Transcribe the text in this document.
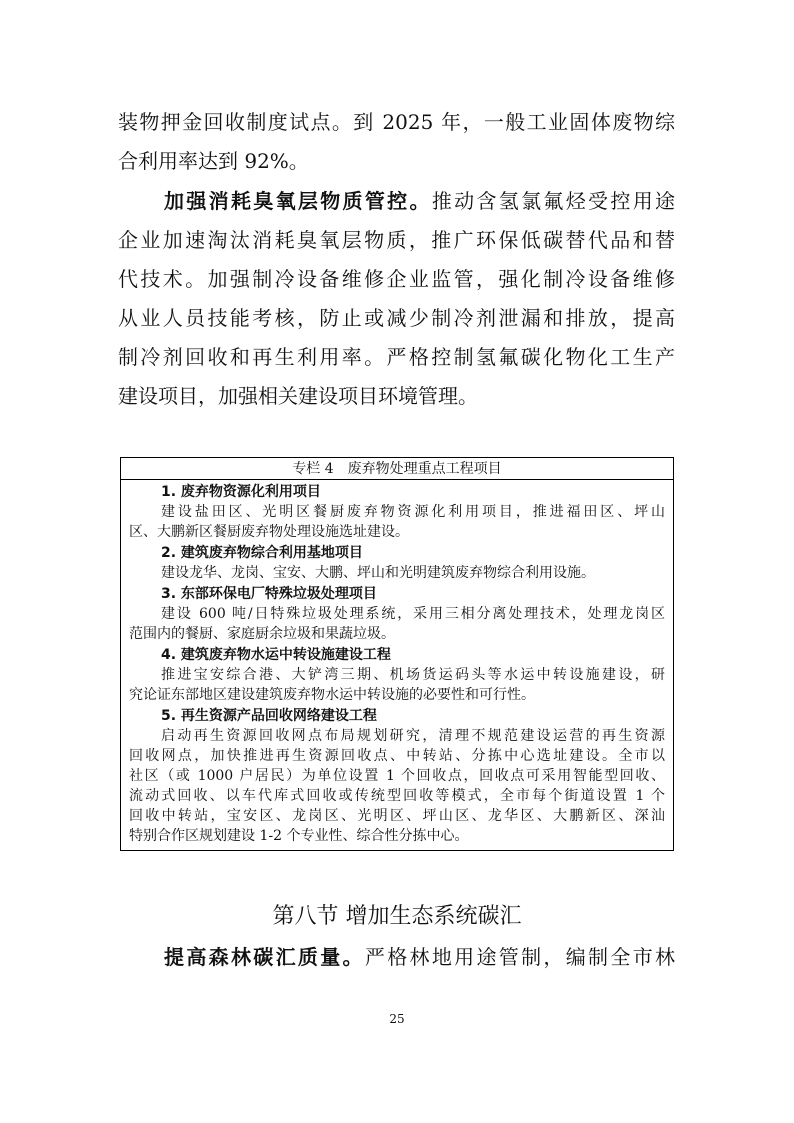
装物押金回收制度试点。到 2025 年，一般工业固体废物综
合利用率达到 92%。
加强消耗臭氧层物质管控。推动含氢氯氟烃受控用途
企业加速淘汰消耗臭氧层物质，推广环保低碳替代品和替
代技术。加强制冷设备维修企业监管，强化制冷设备维修
从业人员技能考核，防止或减少制冷剂泄漏和排放，提高
制冷剂回收和再生利用率。严格控制氢氟碳化物化工生产
建设项目，加强相关建设项目环境管理。
专栏 4　废弃物处理重点工程项目
1. 废弃物资源化利用项目
建设盐田区、光明区餐厨废弃物资源化利用项目，推进福田区、坪山
区、大鹏新区餐厨废弃物处理设施选址建设。
2. 建筑废弃物综合利用基地项目
建设龙华、龙岗、宝安、大鹏、坪山和光明建筑废弃物综合利用设施。
3. 东部环保电厂特殊垃圾处理项目
建设 600 吨/日特殊垃圾处理系统，采用三相分离处理技术，处理龙岗区
范围内的餐厨、家庭厨余垃圾和果蔬垃圾。
4. 建筑废弃物水运中转设施建设工程
推进宝安综合港、大铲湾三期、机场货运码头等水运中转设施建设，研
究论证东部地区建设建筑废弃物水运中转设施的必要性和可行性。
5. 再生资源产品回收网络建设工程
启动再生资源回收网点布局规划研究，清理不规范建设运营的再生资源
回收网点，加快推进再生资源回收点、中转站、分拣中心选址建设。全市以
社区（或 1000 户居民）为单位设置 1 个回收点，回收点可采用智能型回收、
流动式回收、以车代库式回收或传统型回收等模式，全市每个街道设置 1 个
回收中转站，宝安区、龙岗区、光明区、坪山区、龙华区、大鹏新区、深汕
特别合作区规划建设 1-2 个专业性、综合性分拣中心。
第八节 增加生态系统碳汇
提高森林碳汇质量。严格林地用途管制，编制全市林
25
